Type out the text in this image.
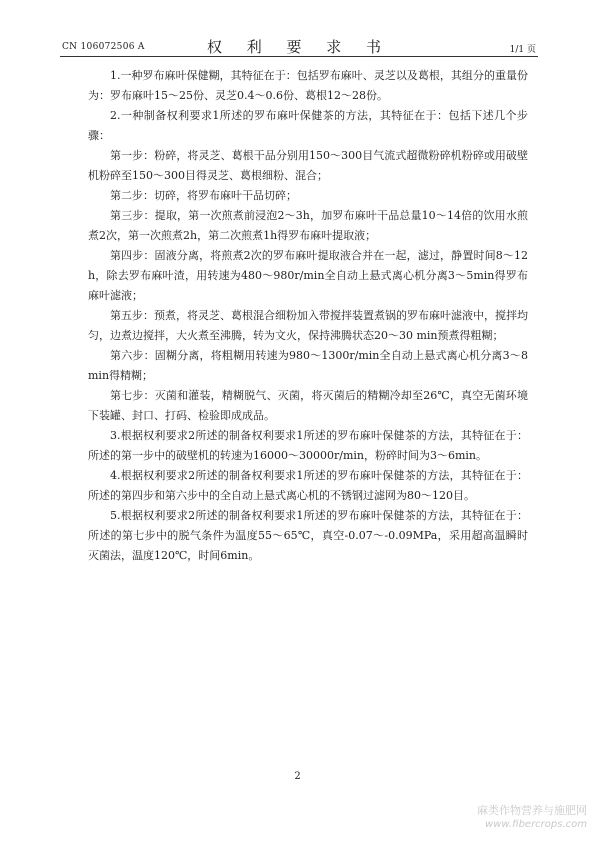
CN 106072506 A	权 利 要 求 书	1/1 页

1.一种罗布麻叶保健糊，其特征在于：包括罗布麻叶、灵芝以及葛根，其组分的重量份为：罗布麻叶15～25份、灵芝0.4～0.6份、葛根12～28份。

2.一种制备权利要求1所述的罗布麻叶保健茶的方法，其特征在于：包括下述几个步骤：

第一步：粉碎，将灵芝、葛根干品分别用150～300目气流式超微粉碎机粉碎或用破壁机粉碎至150～300目得灵芝、葛根细粉、混合；

第二步：切碎，将罗布麻叶干品切碎；

第三步：提取，第一次煎煮前浸泡2～3h，加罗布麻叶干品总量10～14倍的饮用水煎煮2次，第一次煎煮2h，第二次煎煮1h得罗布麻叶提取液；

第四步：固液分离，将煎煮2次的罗布麻叶提取液合并在一起，滤过，静置时间8～12h，除去罗布麻叶渣，用转速为480～980r/min全自动上悬式离心机分离3～5min得罗布麻叶滤液；

第五步：预煮，将灵芝、葛根混合细粉加入带搅拌装置煮锅的罗布麻叶滤液中，搅拌均匀，边煮边搅拌，大火煮至沸腾，转为文火，保持沸腾状态20～30 min预煮得粗糊；

第六步：固糊分离，将粗糊用转速为980～1300r/min全自动上悬式离心机分离3～8min得精糊；

第七步：灭菌和灌装，精糊脱气、灭菌，将灭菌后的精糊冷却至26℃，真空无菌环境下装罐、封口、打码、检验即成成品。

3.根据权利要求2所述的制备权利要求1所述的罗布麻叶保健茶的方法，其特征在于：所述的第一步中的破壁机的转速为16000～30000r/min，粉碎时间为3～6min。

4.根据权利要求2所述的制备权利要求1所述的罗布麻叶保健茶的方法，其特征在于：所述的第四步和第六步中的全自动上悬式离心机的不锈钢过滤网为80～120目。

5.根据权利要求2所述的制备权利要求1所述的罗布麻叶保健茶的方法，其特征在于：所述的第七步中的脱气条件为温度55～65℃，真空-0.07～-0.09MPa，采用超高温瞬时灭菌法，温度120℃，时间6min。

2
麻类作物营养与施肥网
www.fibercrops.com
